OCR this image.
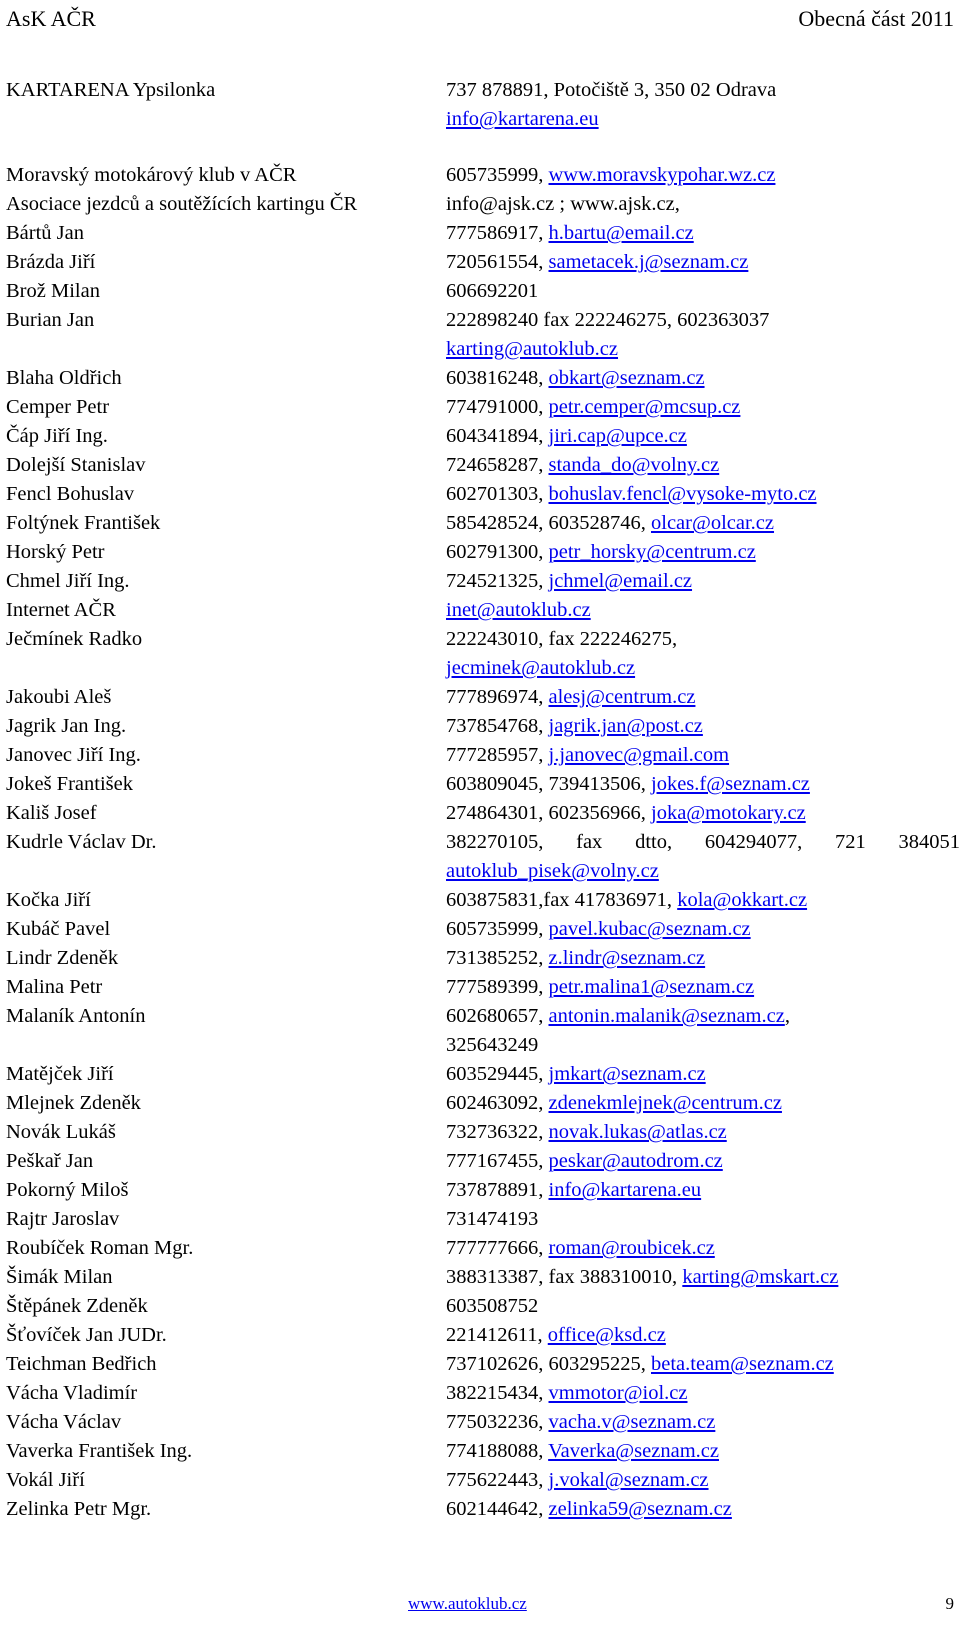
AsK AČR	Obecná část 2011
KARTARENA Ypsilonka	737 878891, Potočiště 3, 350 02 Odrava
info@kartarena.eu
Moravský motokárový klub v AČR	605735999, www.moravskypohar.wz.cz
Asociace jezdců a soutěžících kartingu ČR	info@ajsk.cz ; www.ajsk.cz,
Bártů Jan	777586917, h.bartu@email.cz
Brázda Jiří	720561554, sametacek.j@seznam.cz
Brož Milan	606692201
Burian Jan	222898240 fax 222246275, 602363037
karting@autoklub.cz
Blaha Oldřich	603816248, obkart@seznam.cz
Cemper Petr	774791000, petr.cemper@mcsup.cz
Čáp Jiří Ing.	604341894, jiri.cap@upce.cz
Dolejší Stanislav	724658287, standa_do@volny.cz
Fencl Bohuslav	602701303, bohuslav.fencl@vysoke-myto.cz
Foltýnek František	585428524, 603528746, olcar@olcar.cz
Horský Petr	602791300, petr_horsky@centrum.cz
Chmel Jiří Ing.	724521325, jchmel@email.cz
Internet AČR	inet@autoklub.cz
Ječmínek Radko	222243010, fax 222246275,
jecminek@autoklub.cz
Jakoubi Aleš	777896974, alesj@centrum.cz
Jagrik Jan Ing.	737854768, jagrik.jan@post.cz
Janovec Jiří Ing.	777285957, j.janovec@gmail.com
Jokeš František	603809045, 739413506, jokes.f@seznam.cz
Kališ Josef	274864301, 602356966, joka@motokary.cz
Kudrle Václav Dr.	382270105, fax dtto, 604294077, 721 384051
autoklub_pisek@volny.cz
Kočka Jiří	603875831,fax 417836971, kola@okkart.cz
Kubáč Pavel	605735999, pavel.kubac@seznam.cz
Lindr Zdeněk	731385252, z.lindr@seznam.cz
Malina Petr	777589399, petr.malina1@seznam.cz
Malaník Antonín	602680657, antonin.malanik@seznam.cz,
325643249
Matějček Jiří	603529445, jmkart@seznam.cz
Mlejnek Zdeněk	602463092, zdenekmlejnek@centrum.cz
Novák Lukáš	732736322, novak.lukas@atlas.cz
Peškař Jan	777167455, peskar@autodrom.cz
Pokorný Miloš	737878891, info@kartarena.eu
Rajtr Jaroslav	731474193
Roubíček Roman Mgr.	777777666, roman@roubicek.cz
Šimák Milan	388313387, fax 388310010, karting@mskart.cz
Štěpánek Zdeněk	603508752
Šťovíček Jan JUDr.	221412611, office@ksd.cz
Teichman Bedřich	737102626, 603295225, beta.team@seznam.cz
Vácha Vladimír	382215434, vmmotor@iol.cz
Vácha Václav	775032236, vacha.v@seznam.cz
Vaverka František Ing.	774188088, Vaverka@seznam.cz
Vokál Jiří	775622443, j.vokal@seznam.cz
Zelinka Petr Mgr.	602144642, zelinka59@seznam.cz
www.autoklub.cz	9
